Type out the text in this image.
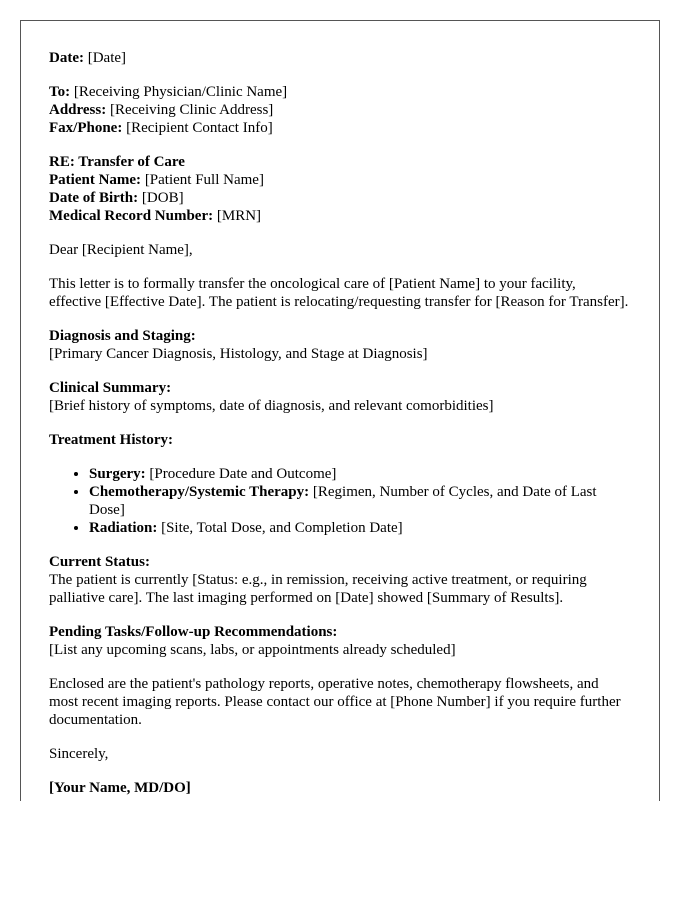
Date: [Date]

To: [Receiving Physician/Clinic Name]
Address: [Receiving Clinic Address]
Fax/Phone: [Recipient Contact Info]

RE: Transfer of Care
Patient Name: [Patient Full Name]
Date of Birth: [DOB]
Medical Record Number: [MRN]

Dear [Recipient Name],

This letter is to formally transfer the oncological care of [Patient Name] to your facility, effective [Effective Date]. The patient is relocating/requesting transfer for [Reason for Transfer].

Diagnosis and Staging:
[Primary Cancer Diagnosis, Histology, and Stage at Diagnosis]

Clinical Summary:
[Brief history of symptoms, date of diagnosis, and relevant comorbidities]

Treatment History:

• Surgery: [Procedure Date and Outcome]
• Chemotherapy/Systemic Therapy: [Regimen, Number of Cycles, and Date of Last Dose]
• Radiation: [Site, Total Dose, and Completion Date]

Current Status:
The patient is currently [Status: e.g., in remission, receiving active treatment, or requiring palliative care]. The last imaging performed on [Date] showed [Summary of Results].

Pending Tasks/Follow-up Recommendations:
[List any upcoming scans, labs, or appointments already scheduled]

Enclosed are the patient's pathology reports, operative notes, chemotherapy flowsheets, and most recent imaging reports. Please contact our office at [Phone Number] if you require further documentation.

Sincerely,

[Your Name, MD/DO]
